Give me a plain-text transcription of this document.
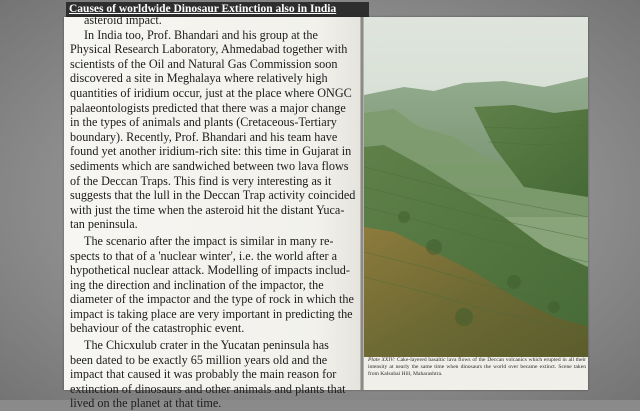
Causes of worldwide Dinosaur Extinction also in India
asteroid impact.
In India too, Prof. Bhandari and his group at the
Physical Research Laboratory, Ahmedabad together with
scientists of the Oil and Natural Gas Commission soon
discovered a site in Meghalaya where relatively high
quantities of iridium occur, just at the place where ONGC
palaeontologists predicted that there was a major change
in the types of animals and plants (Cretaceous-Tertiary
boundary). Recently, Prof. Bhandari and his team have
found yet another iridium-rich site: this time in Gujarat in
sediments which are sandwiched between two lava flows
of the Deccan Traps. This find is very interesting as it
suggests that the lull in the Deccan Trap activity coincided
with just the time when the asteroid hit the distant Yuca-
tan peninsula.
The scenario after the impact is similar in many re-
spects to that of a 'nuclear winter', i.e. the world after a
hypothetical nuclear attack. Modelling of impacts includ-
ing the direction and inclination of the impactor, the
diameter of the impactor and the type of rock in which the
impact is taking place are very important in predicting the
behaviour of the catastrophic event.
The Chicxulub crater in the Yucatan peninsula has
been dated to be exactly 65 million years old and the
impact that caused it was probably the main reason for
extinction of dinosaurs and other animals and plants that
lived on the planet at that time.
Plate XXIV: Cake-layered basaltic lava flows of the Deccan volcanics which erupted in all their intensity at nearly the same time when dinosaurs the world over became extinct. Scene taken from Kalsubai Hill, Maharashtra.
